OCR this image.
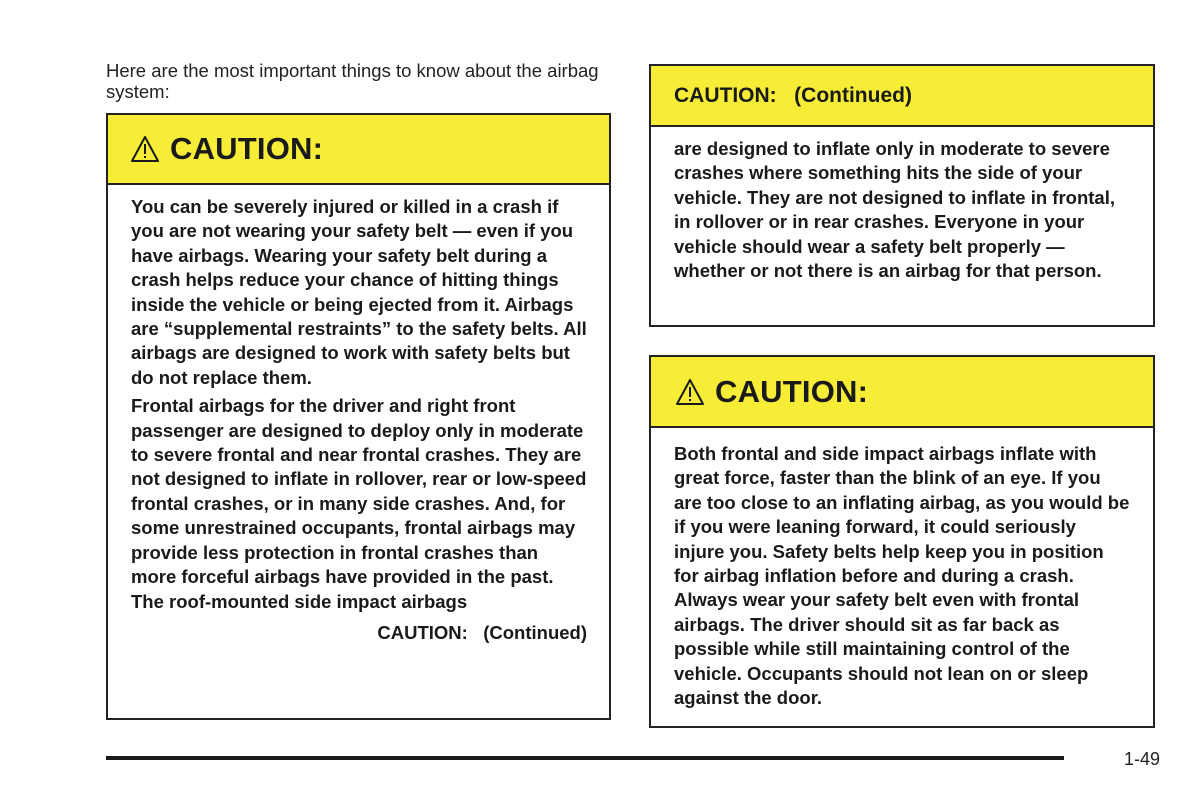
Here are the most important things to know about the airbag system:

CAUTION:

You can be severely injured or killed in a crash if you are not wearing your safety belt — even if you have airbags. Wearing your safety belt during a crash helps reduce your chance of hitting things inside the vehicle or being ejected from it. Airbags are “supplemental restraints” to the safety belts. All airbags are designed to work with safety belts but do not replace them.

Frontal airbags for the driver and right front passenger are designed to deploy only in moderate to severe frontal and near frontal crashes. They are not designed to inflate in rollover, rear or low-speed frontal crashes, or in many side crashes. And, for some unrestrained occupants, frontal airbags may provide less protection in frontal crashes than more forceful airbags have provided in the past. The roof-mounted side impact airbags

CAUTION:   (Continued)

CAUTION:   (Continued)

are designed to inflate only in moderate to severe crashes where something hits the side of your vehicle. They are not designed to inflate in frontal, in rollover or in rear crashes. Everyone in your vehicle should wear a safety belt properly — whether or not there is an airbag for that person.

CAUTION:

Both frontal and side impact airbags inflate with great force, faster than the blink of an eye. If you are too close to an inflating airbag, as you would be if you were leaning forward, it could seriously injure you. Safety belts help keep you in position for airbag inflation before and during a crash. Always wear your safety belt even with frontal airbags. The driver should sit as far back as possible while still maintaining control of the vehicle. Occupants should not lean on or sleep against the door.

1-49
